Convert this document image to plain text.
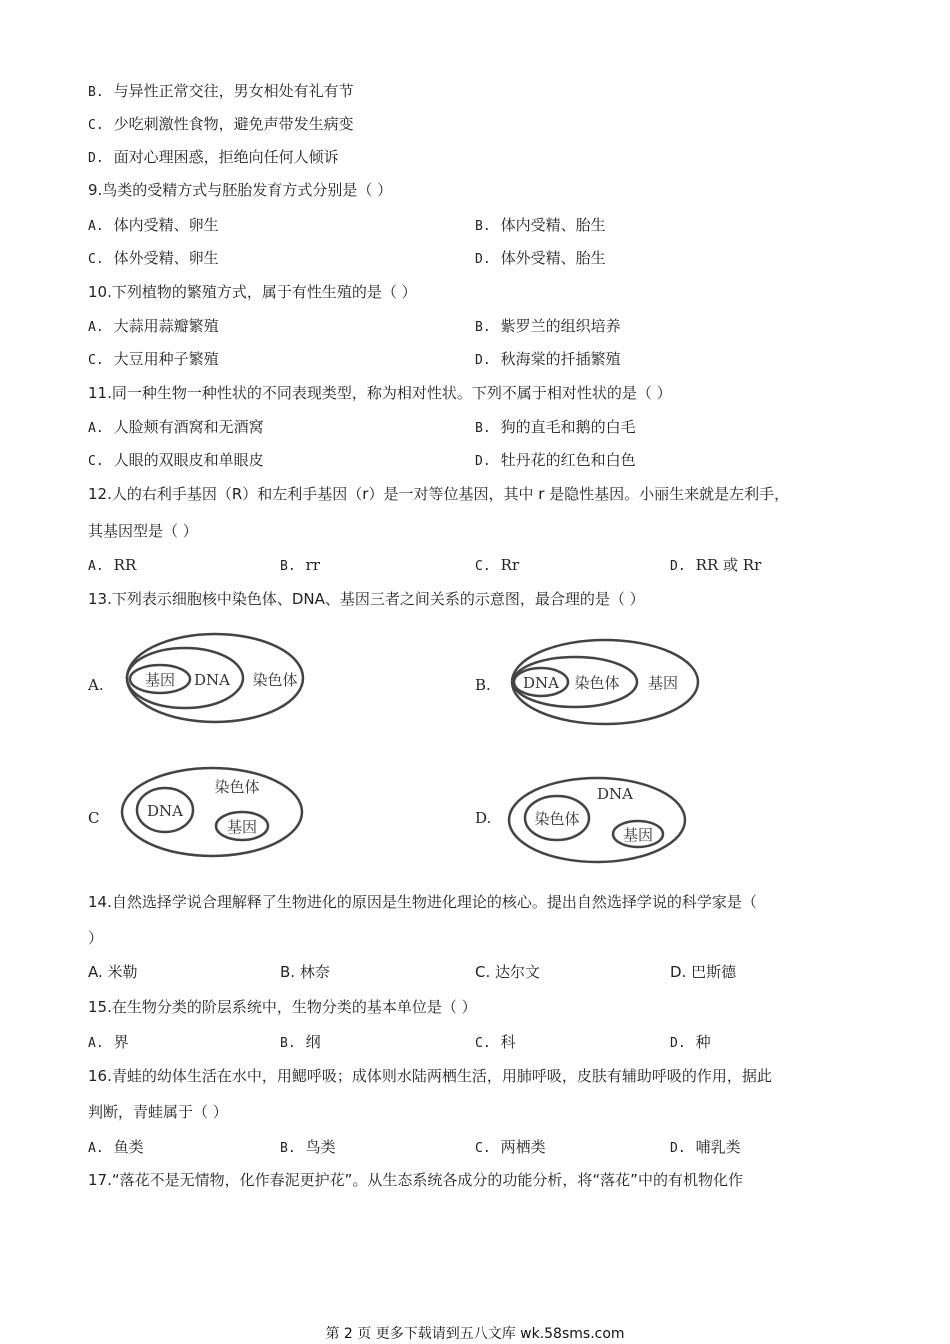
B. 与异性正常交往，男女相处有礼有节
C. 少吃刺激性食物，避免声带发生病变
D. 面对心理困惑，拒绝向任何人倾诉
9.鸟类的受精方式与胚胎发育方式分别是（ ）
A. 体内受精、卵生	B. 体内受精、胎生
C. 体外受精、卵生	D. 体外受精、胎生
10.下列植物的繁殖方式，属于有性生殖的是（ ）
A. 大蒜用蒜瓣繁殖	B. 紫罗兰的组织培养
C. 大豆用种子繁殖	D. 秋海棠的扦插繁殖
11.同一种生物一种性状的不同表现类型，称为相对性状。下列不属于相对性状的是（ ）
A. 人脸颊有酒窝和无酒窝	B. 狗的直毛和鹅的白毛
C. 人眼的双眼皮和单眼皮	D. 牡丹花的红色和白色
12.人的右利手基因（R）和左利手基因（r）是一对等位基因，其中 r 是隐性基因。小丽生来就是左利手，
其基因型是（ ）
A. RR	B. rr	C. Rr	D. RR 或 Rr
13.下列表示细胞核中染色体、DNA、基因三者之间关系的示意图，最合理的是（ ）
A.	基因 DNA 染色体	B. DNA 染色体 基因
C
染色体
DNA
基因	D.
DNA
染色体
基因
14.自然选择学说合理解释了生物进化的原因是生物进化理论的核心。提出自然选择学说的科学家是（
）
A. 米勒	B. 林奈	C. 达尔文	D. 巴斯德
15.在生物分类的阶层系统中，生物分类的基本单位是（ ）
A. 界	B. 纲	C. 科	D. 种
16.青蛙的幼体生活在水中，用鳃呼吸；成体则水陆两栖生活，用肺呼吸，皮肤有辅助呼吸的作用，据此
判断，青蛙属于（ ）
A. 鱼类	B. 鸟类	C. 两栖类	D. 哺乳类
17.“落花不是无情物，化作春泥更护花”。从生态系统各成分的功能分析，将“落花”中的有机物化作
第 2 页 更多下载请到五八文库 wk.58sms.com
